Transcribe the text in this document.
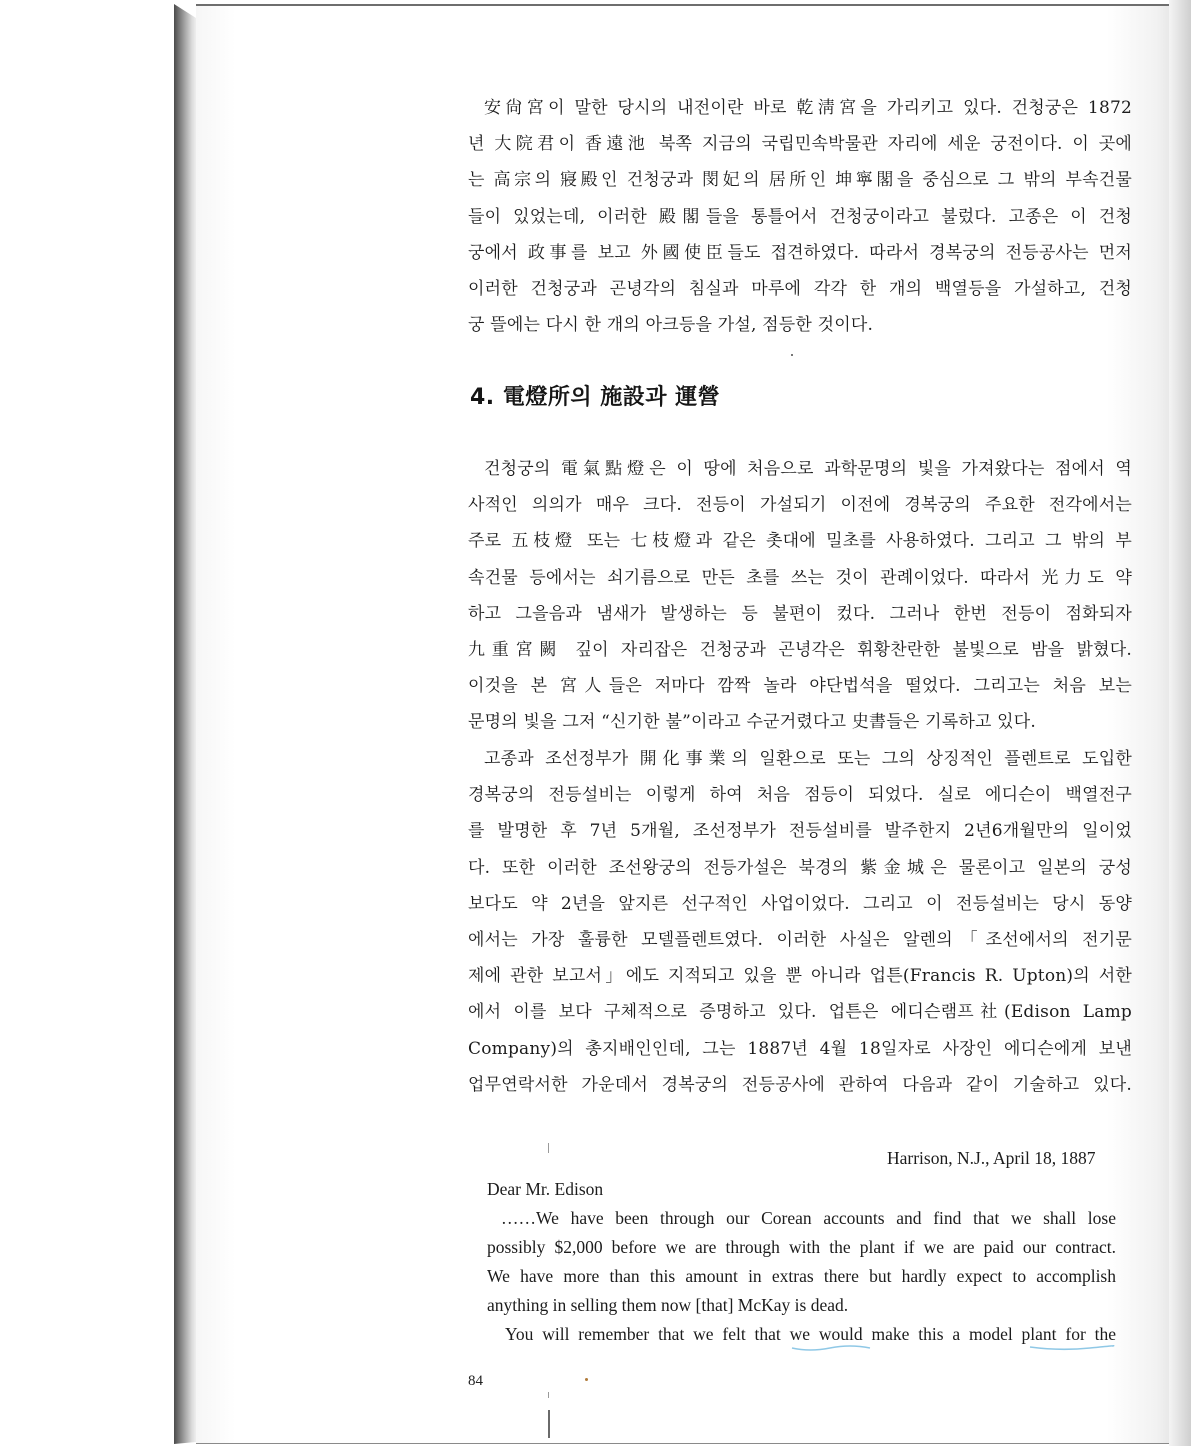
安尙宮이 말한 당시의 내전이란 바로 乾淸宮을 가리키고 있다. 건청궁은 1872
년 大院君이 香遠池 북쪽 지금의 국립민속박물관 자리에 세운 궁전이다. 이 곳에
는 高宗의 寢殿인 건청궁과 閔妃의 居所인 坤寧閣을 중심으로 그 밖의 부속건물
들이 있었는데, 이러한 殿閣들을 통틀어서 건청궁이라고 불렀다. 고종은 이 건청
궁에서 政事를 보고 外國使臣들도 접견하였다. 따라서 경복궁의 전등공사는 먼저
이러한 건청궁과 곤녕각의 침실과 마루에 각각 한 개의 백열등을 가설하고, 건청
궁 뜰에는 다시 한 개의 아크등을 가설, 점등한 것이다.
4. 電燈所의 施設과 運營
건청궁의 電氣點燈은 이 땅에 처음으로 과학문명의 빛을 가져왔다는 점에서 역
사적인 의의가 매우 크다. 전등이 가설되기 이전에 경복궁의 주요한 전각에서는
주로 五枝燈 또는 七枝燈과 같은 촛대에 밀초를 사용하였다. 그리고 그 밖의 부
속건물 등에서는 쇠기름으로 만든 초를 쓰는 것이 관례이었다. 따라서 光力도 약
하고 그을음과 냄새가 발생하는 등 불편이 컸다. 그러나 한번 전등이 점화되자
九重宮闕 깊이 자리잡은 건청궁과 곤녕각은 휘황찬란한 불빛으로 밤을 밝혔다.
이것을 본 宮人들은 저마다 깜짝 놀라 야단법석을 떨었다. 그리고는 처음 보는
문명의 빛을 그저 “신기한 불”이라고 수군거렸다고 史書들은 기록하고 있다.
고종과 조선정부가 開化事業의 일환으로 또는 그의 상징적인 플렌트로 도입한
경복궁의 전등설비는 이렇게 하여 처음 점등이 되었다. 실로 에디슨이 백열전구
를 발명한 후 7년 5개월, 조선정부가 전등설비를 발주한지 2년6개월만의 일이었
다. 또한 이러한 조선왕궁의 전등가설은 북경의 紫金城은 물론이고 일본의 궁성
보다도 약 2년을 앞지른 선구적인 사업이었다. 그리고 이 전등설비는 당시 동양
에서는 가장 훌륭한 모델플렌트였다. 이러한 사실은 알렌의「조선에서의 전기문
제에 관한 보고서」에도 지적되고 있을 뿐 아니라 업튼(Francis R. Upton)의 서한
에서 이를 보다 구체적으로 증명하고 있다. 업튼은 에디슨램프社(Edison Lamp
Company)의 총지배인인데, 그는 1887년 4월 18일자로 사장인 에디슨에게 보낸
업무연락서한 가운데서 경복궁의 전등공사에 관하여 다음과 같이 기술하고 있다.
Harrison, N.J., April 18, 1887
Dear Mr. Edison
……We have been through our Corean accounts and find that we shall lose
possibly $2,000 before we are through with the plant if we are paid our contract.
We have more than this amount in extras there but hardly expect to accomplish
anything in selling them now [that] McKay is dead.
You will remember that we felt that we would make this a model plant for the
84
